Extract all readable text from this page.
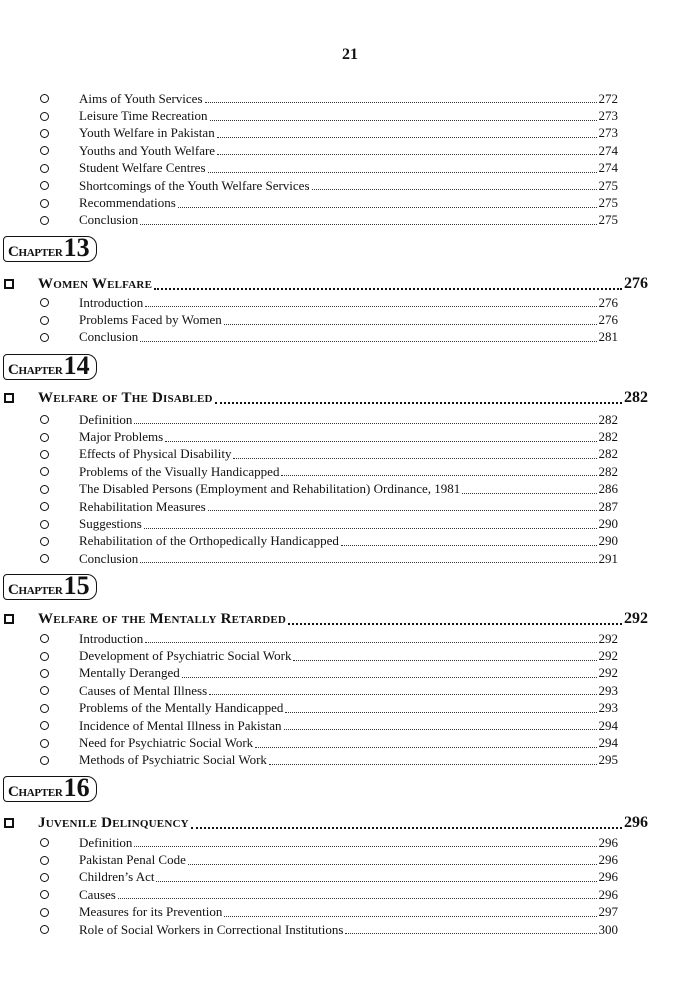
21
Aims of Youth Services	272
Leisure Time Recreation	273
Youth Welfare in Pakistan	273
Youths and Youth Welfare	274
Student Welfare Centres	274
Shortcomings of the Youth Welfare Services	275
Recommendations	275
Conclusion	275
Chapter 13
Women Welfare	276
Introduction	276
Problems Faced by Women	276
Conclusion	281
Chapter 14
Welfare of The Disabled	282
Definition	282
Major Problems	282
Effects of Physical Disability	282
Problems of the Visually Handicapped	282
The Disabled Persons (Employment and Rehabilitation) Ordinance, 1981	286
Rehabilitation Measures	287
Suggestions	290
Rehabilitation of the Orthopedically Handicapped	290
Conclusion	291
Chapter 15
Welfare of the Mentally Retarded	292
Introduction	292
Development of Psychiatric Social Work	292
Mentally Deranged	292
Causes of Mental Illness	293
Problems of the Mentally Handicapped	293
Incidence of Mental Illness in Pakistan	294
Need for Psychiatric Social Work	294
Methods of Psychiatric Social Work	295
Chapter 16
Juvenile Delinquency	296
Definition	296
Pakistan Penal Code	296
Children’s Act	296
Causes	296
Measures for its Prevention	297
Role of Social Workers in Correctional Institutions	300
